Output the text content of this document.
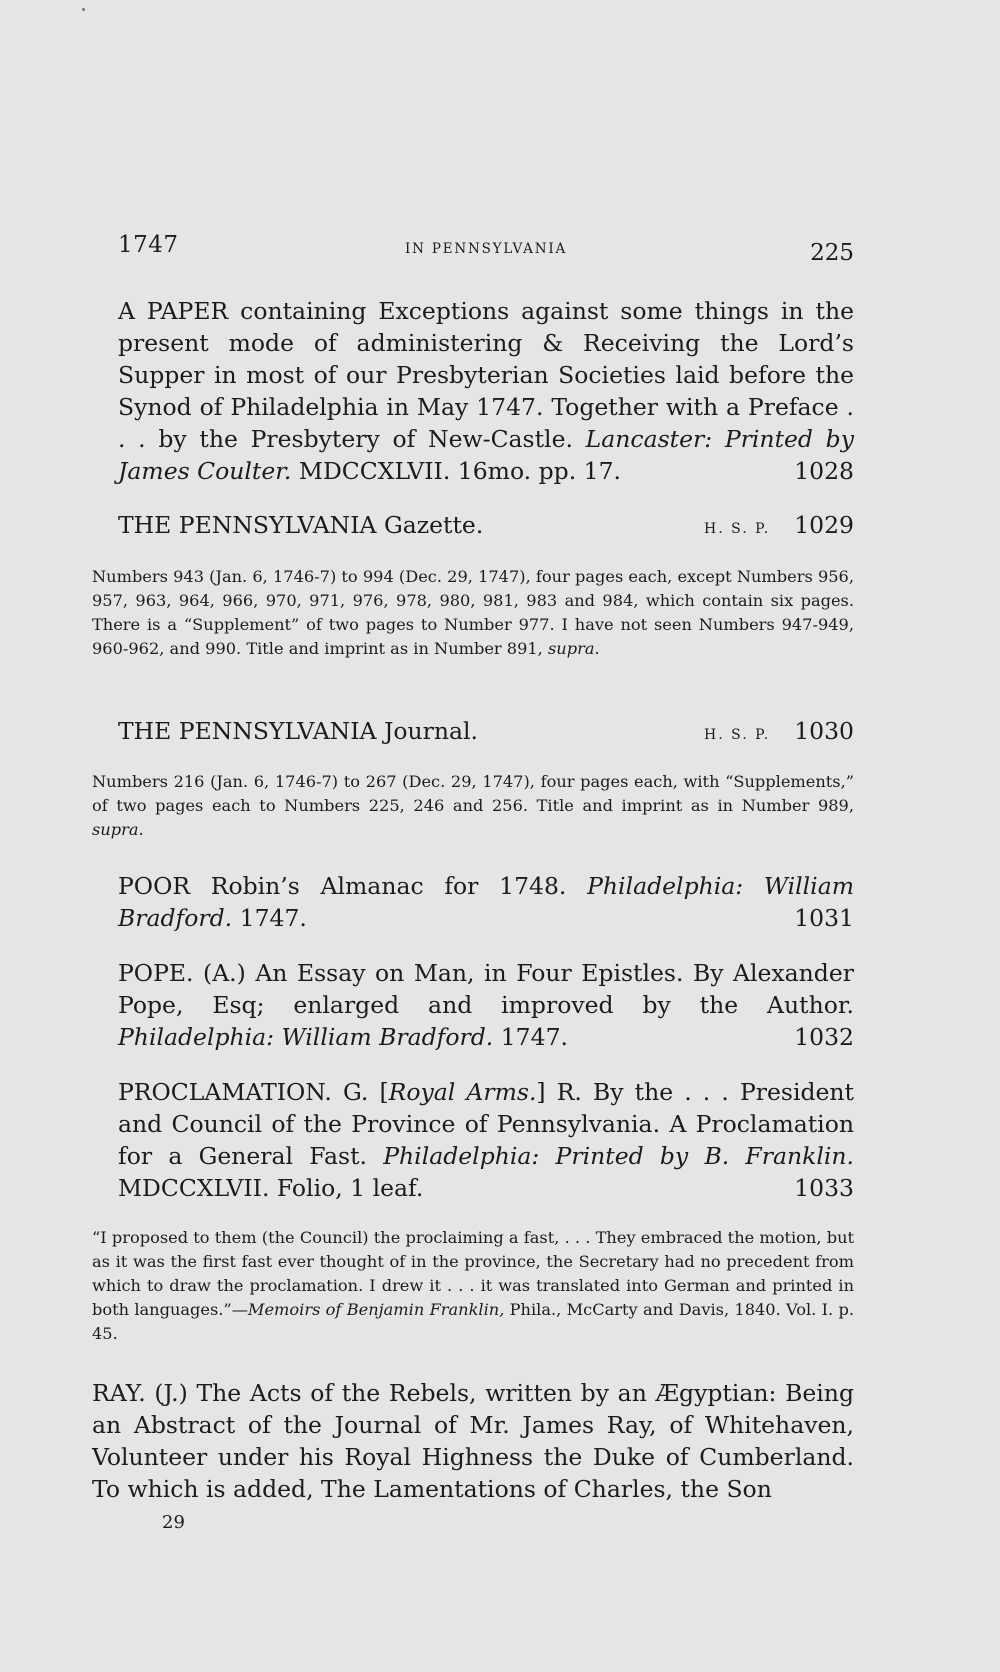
1747	IN PENNSYLVANIA	225
A PAPER containing Exceptions against some things in the present mode of administering & Receiving the Lord’s Supper in most of our Presbyterian Societies laid before the Synod of Philadelphia in May 1747. Together with a Preface . . . by the Presbytery of New-Castle. Lancaster: Printed by James Coulter. MDCCXLVII. 16mo. pp. 17.	1028
THE PENNSYLVANIA Gazette.	H. S. P. 1029
Numbers 943 (Jan. 6, 1746-7) to 994 (Dec. 29, 1747), four pages each, except Numbers 956, 957, 963, 964, 966, 970, 971, 976, 978, 980, 981, 983 and 984, which contain six pages. There is a “Supplement” of two pages to Number 977. I have not seen Numbers 947-949, 960-962, and 990. Title and imprint as in Number 891, supra.
THE PENNSYLVANIA Journal.	H. S. P. 1030
Numbers 216 (Jan. 6, 1746-7) to 267 (Dec. 29, 1747), four pages each, with “Supplements,” of two pages each to Numbers 225, 246 and 256. Title and imprint as in Number 989, supra.
POOR Robin’s Almanac for 1748. Philadelphia: William Bradford. 1747.	1031
POPE. (A.) An Essay on Man, in Four Epistles. By Alexander Pope, Esq; enlarged and improved by the Author. Philadelphia: William Bradford. 1747.	1032
PROCLAMATION. G. [Royal Arms.] R. By the . . . President and Council of the Province of Pennsylvania. A Proclamation for a General Fast. Philadelphia: Printed by B. Franklin. MDCCXLVII. Folio, 1 leaf.	1033
“I proposed to them (the Council) the proclaiming a fast, . . . They embraced the motion, but as it was the first fast ever thought of in the province, the Secretary had no precedent from which to draw the proclamation. I drew it . . . it was translated into German and printed in both languages.”—Memoirs of Benjamin Franklin, Phila., McCarty and Davis, 1840. Vol. I. p. 45.
RAY. (J.) The Acts of the Rebels, written by an Ægyptian: Being an Abstract of the Journal of Mr. James Ray, of Whitehaven, Volunteer under his Royal Highness the Duke of Cumberland. To which is added, The Lamentations of Charles, the Son
29
